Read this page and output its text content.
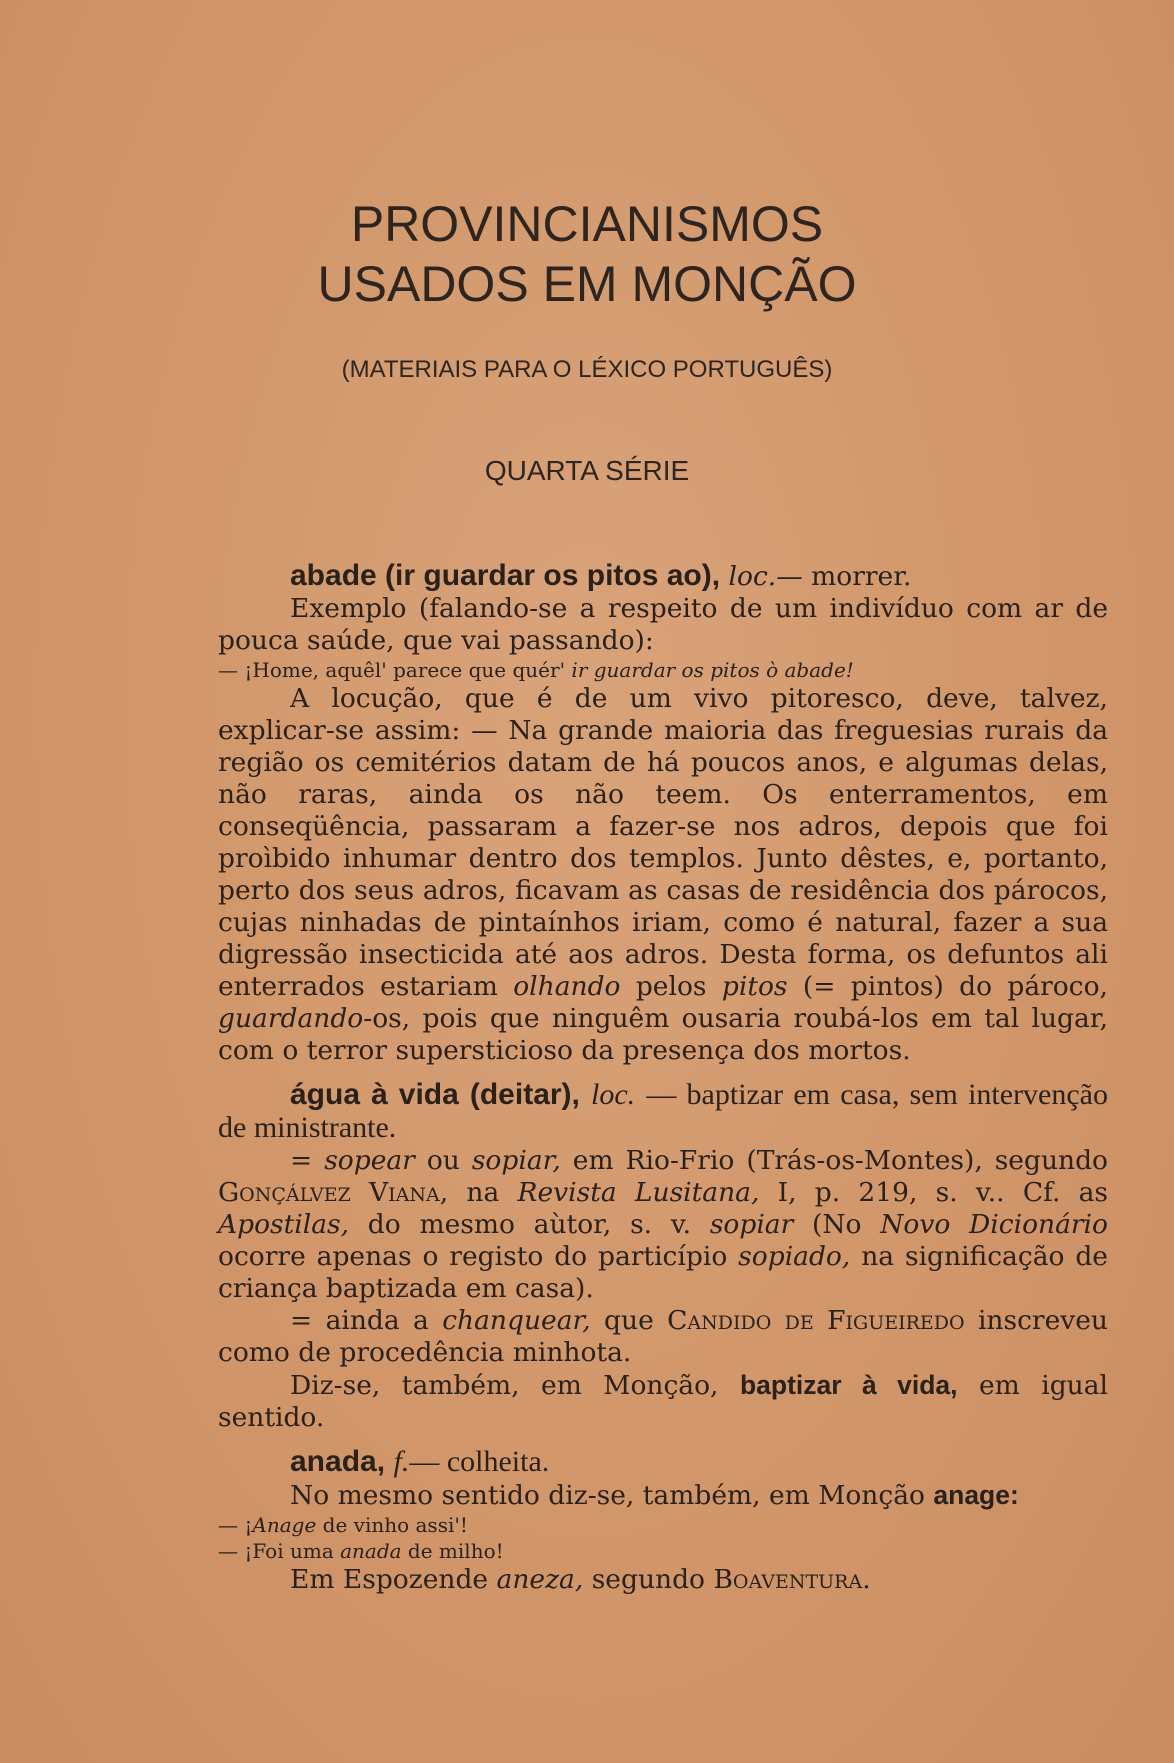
PROVINCIANISMOS
USADOS EM MONÇÃO
(MATERIAIS PARA O LÉXICO PORTUGUÊS)
QUARTA SÉRIE

abade (ir guardar os pitos ao), loc.— morrer.

Exemplo (falando-se a respeito de um indivíduo com ar de pouca saúde, que vai passando):

— ¡Home, aquêl' parece que quér' ir guardar os pitos ò abade!

A locução, que é de um vivo pitoresco, deve, talvez, explicar-se assim: — Na grande maioria das freguesias rurais da região os cemitérios datam de há poucos anos, e algumas delas, não raras, ainda os não teem. Os enterramentos, em conseqüência, passaram a fazer-se nos adros, depois que foi proìbido inhumar dentro dos templos. Junto dêstes, e, portanto, perto dos seus adros, ficavam as casas de residência dos párocos, cujas ninhadas de pintaínhos iriam, como é natural, fazer a sua digressão insecticida até aos adros. Desta forma, os defuntos ali enterrados estariam olhando pelos pitos (= pintos) do pároco, guardando-os, pois que ninguêm ousaria roubá-los em tal lugar, com o terror supersticioso da presença dos mortos.

água à vida (deitar), loc. — baptizar em casa, sem intervenção de ministrante.

= sopear ou sopiar, em Rio-Frio (Trás-os-Montes), segundo Gonçálvez Viana, na Revista Lusitana, I, p. 219, s. v.. Cf. as Apostilas, do mesmo aùtor, s. v. sopiar (No Novo Dicionário ocorre apenas o registo do particípio sopiado, na significação de criança baptizada em casa).

= ainda a chanquear, que Candido de Figueiredo inscreveu como de procedência minhota.

Diz-se, também, em Monção, baptizar à vida, em igual sentido.

anada, f.— colheita.

No mesmo sentido diz-se, também, em Monção anage:

— ¡Anage de vinho assi'!

— ¡Foi uma anada de milho!

Em Espozende aneza, segundo Boaventura.
